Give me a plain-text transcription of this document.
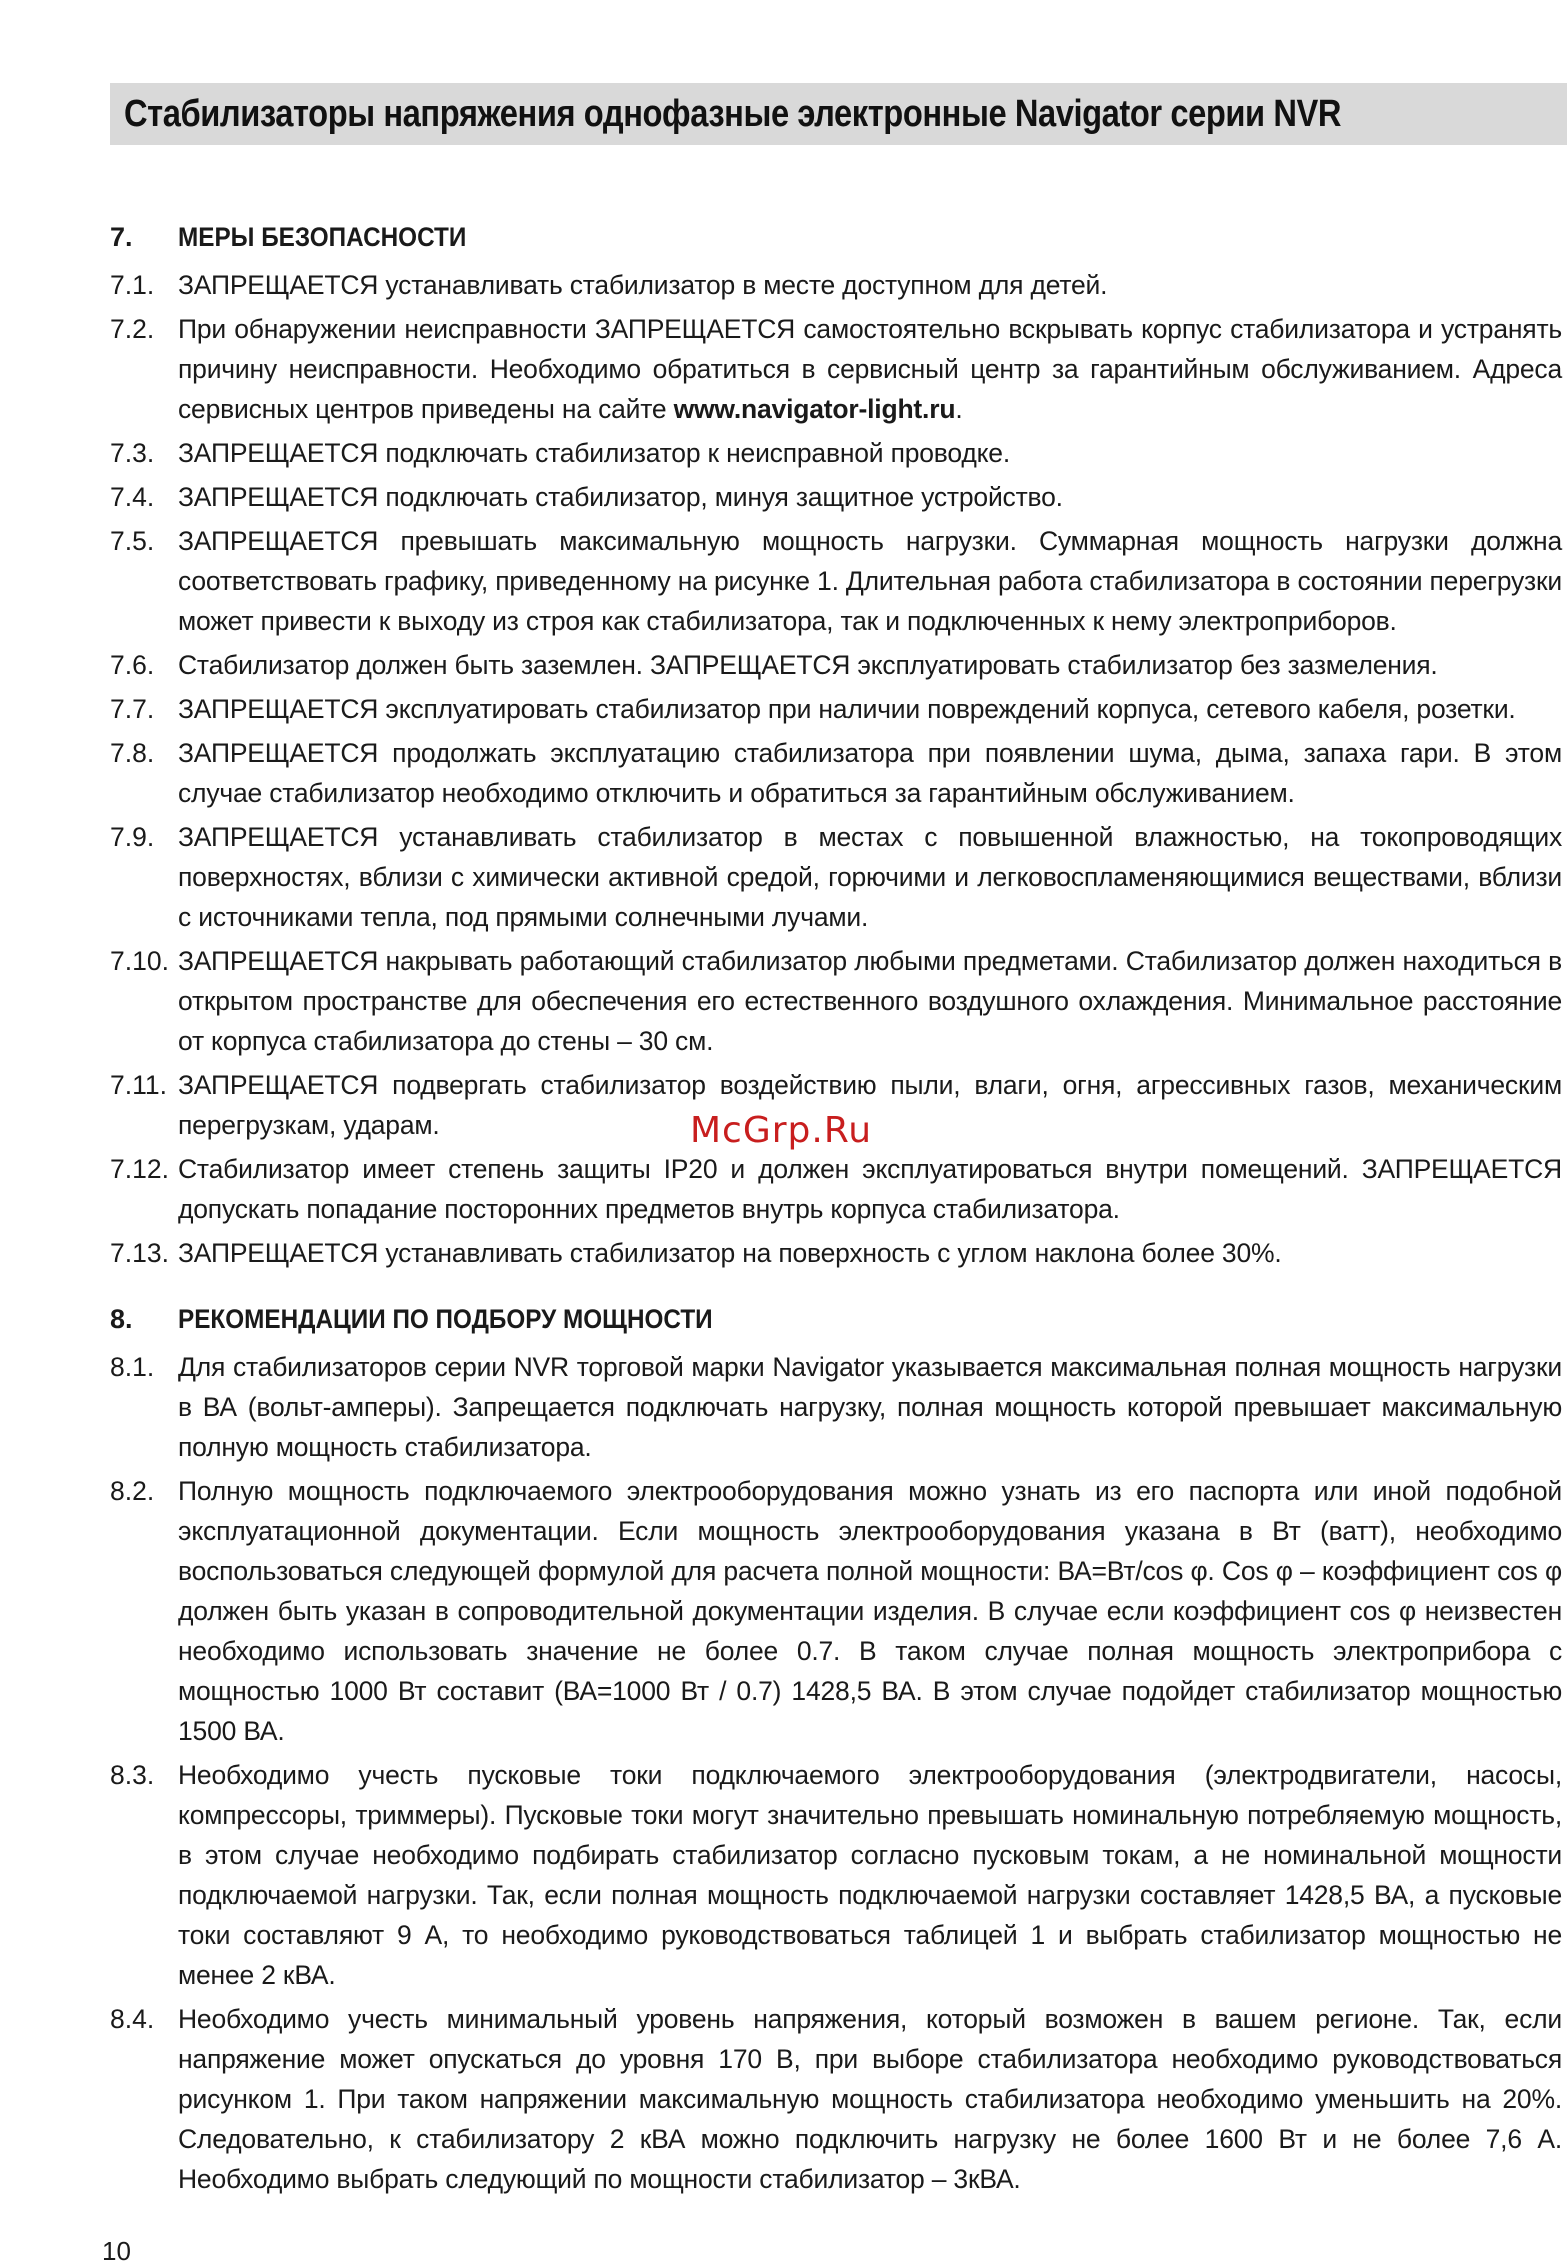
Стабилизаторы напряжения однофазные электронные Navigator серии NVR
7.	МЕРЫ БЕЗОПАСНОСТИ
7.1. ЗАПРЕЩАЕТСЯ устанавливать стабилизатор в месте доступном для детей.
7.2. При обнаружении неисправности ЗАПРЕЩАЕТСЯ самостоятельно вскрывать корпус стабилизатора и устранять причину неисправности. Необходимо обратиться в сервисный центр за гарантийным обслуживанием. Адреса сервисных центров приведены на сайте www.navigator-light.ru.
7.3. ЗАПРЕЩАЕТСЯ подключать стабилизатор к неисправной проводке.
7.4. ЗАПРЕЩАЕТСЯ подключать стабилизатор, минуя защитное устройство.
7.5. ЗАПРЕЩАЕТСЯ превышать максимальную мощность нагрузки. Суммарная мощность нагрузки должна соответствовать графику, приведенному на рисунке 1. Длительная работа стабилизатора в состоянии перегрузки может привести к выходу из строя как стабилизатора, так и подключенных к нему электроприборов.
7.6. Стабилизатор должен быть заземлен. ЗАПРЕЩАЕТСЯ эксплуатировать стабилизатор без зазмеления.
7.7. ЗАПРЕЩАЕТСЯ эксплуатировать стабилизатор при наличии повреждений корпуса, сетевого кабеля, розетки.
7.8. ЗАПРЕЩАЕТСЯ продолжать эксплуатацию стабилизатора при появлении шума, дыма, запаха гари. В этом случае стабилизатор необходимо отключить и обратиться за гарантийным обслуживанием.
7.9. ЗАПРЕЩАЕТСЯ устанавливать стабилизатор в местах с повышенной влажностью, на токопроводящих поверхностях, вблизи с химически активной средой, горючими и легковоспламеняющимися веществами, вблизи с источниками тепла, под прямыми солнечными лучами.
7.10. ЗАПРЕЩАЕТСЯ накрывать работающий стабилизатор любыми предметами. Стабилизатор должен находиться в открытом пространстве для обеспечения его естественного воздушного охлаждения. Минимальное расстояние от корпуса стабилизатора до стены – 30 см.
7.11. ЗАПРЕЩАЕТСЯ подвергать стабилизатор воздействию пыли, влаги, огня, агрессивных газов, механическим перегрузкам, ударам.
7.12. Стабилизатор имеет степень защиты IP20 и должен эксплуатироваться внутри помещений. ЗАПРЕЩАЕТСЯ допускать попадание посторонних предметов внутрь корпуса стабилизатора.
7.13. ЗАПРЕЩАЕТСЯ устанавливать стабилизатор на поверхность с углом наклона более 30%.
8.	РЕКОМЕНДАЦИИ ПО ПОДБОРУ МОЩНОСТИ
8.1. Для стабилизаторов серии NVR торговой марки Navigator указывается максимальная полная мощность нагрузки в ВА (вольт-амперы). Запрещается подключать нагрузку, полная мощность которой превышает максимальную полную мощность стабилизатора.
8.2. Полную мощность подключаемого электрооборудования можно узнать из его паспорта или иной подобной эксплуатационной документации. Если мощность электрооборудования указана в Вт (ватт), необходимо воспользоваться следующей формулой для расчета полной мощности: ВА=Вт/cos φ. Cos φ – коэффициент cos φ должен быть указан в сопроводительной документации изделия. В случае если коэффициент cos φ неизвестен необходимо использовать значение не более 0.7. В таком случае полная мощность электроприбора с мощностью 1000 Вт составит (ВА=1000 Вт / 0.7) 1428,5 ВА. В этом случае подойдет стабилизатор мощностью 1500 ВА.
8.3. Необходимо учесть пусковые токи подключаемого электрооборудования (электродвигатели, насосы, компрессоры, триммеры). Пусковые токи могут значительно превышать номинальную потребляемую мощность, в этом случае необходимо подбирать стабилизатор согласно пусковым токам, а не номинальной мощности подключаемой нагрузки. Так, если полная мощность подключаемой нагрузки составляет 1428,5 ВА, а пусковые токи составляют 9 А, то необходимо руководствоваться таблицей 1 и выбрать стабилизатор мощностью не менее 2 кВА.
8.4. Необходимо учесть минимальный уровень напряжения, который возможен в вашем регионе. Так, если напряжение может опускаться до уровня 170 В, при выборе стабилизатора необходимо руководствоваться рисунком 1. При таком напряжении максимальную мощность стабилизатора необходимо уменьшить на 20%. Следовательно, к стабилизатору 2 кВА можно подключить нагрузку не более 1600 Вт и не более 7,6 А. Необходимо выбрать следующий по мощности стабилизатор – 3кВА.
McGrp.Ru
10
